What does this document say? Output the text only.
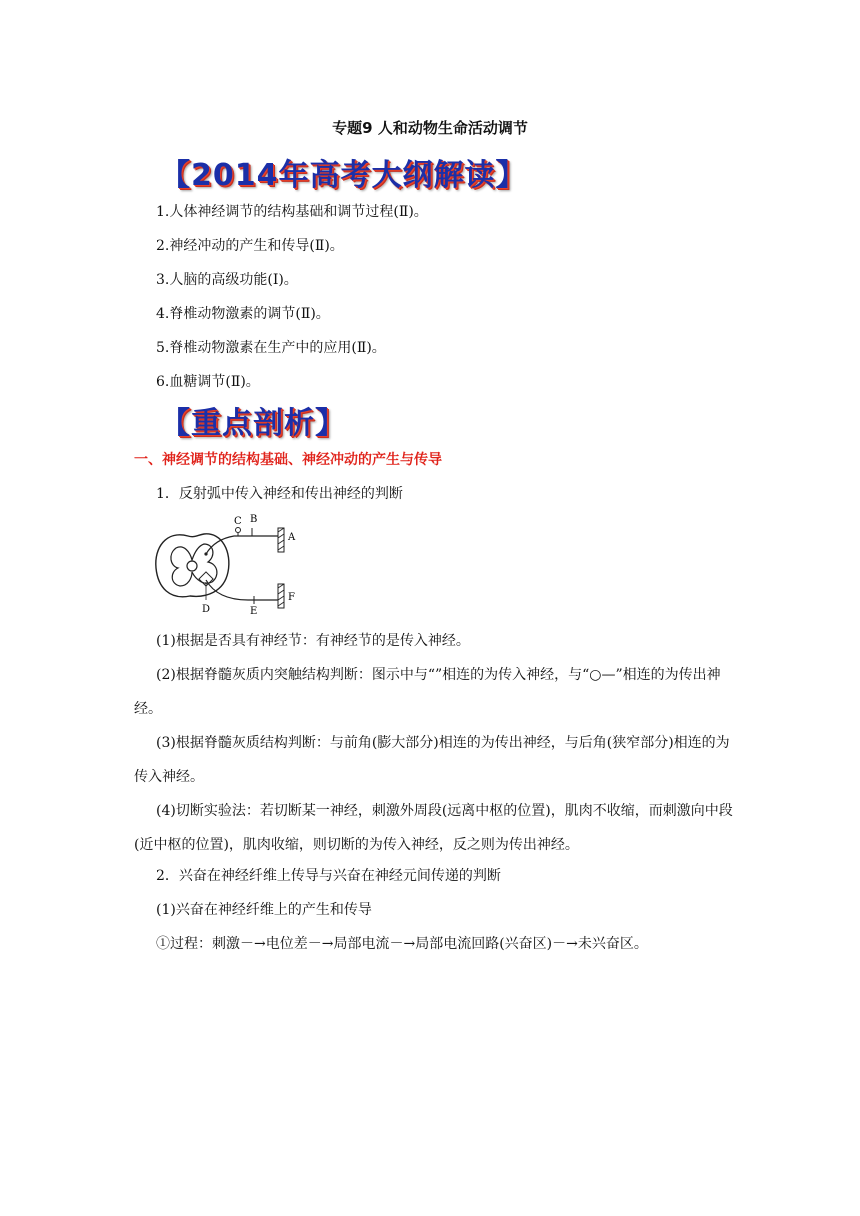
专题9 人和动物生命活动调节
【2014年高考大纲解读】
1.人体神经调节的结构基础和调节过程(Ⅱ)。
2.神经冲动的产生和传导(Ⅱ)。
3.人脑的高级功能(Ⅰ)。
4.脊椎动物激素的调节(Ⅱ)。
5.脊椎动物激素在生产中的应用(Ⅱ)。
6.血糖调节(Ⅱ)。
【重点剖析】
一、神经调节的结构基础、神经冲动的产生与传导
1．反射弧中传入神经和传出神经的判断
C B
A
D	E
F
(1)根据是否具有神经节：有神经节的是传入神经。
(2)根据脊髓灰质内突触结构判断：图示中与“”相连的为传入神经，与“○—”相连的为传出神经。
(3)根据脊髓灰质结构判断：与前角(膨大部分)相连的为传出神经，与后角(狭窄部分)相连的为传入神经。
(4)切断实验法：若切断某一神经，刺激外周段(远离中枢的位置)，肌肉不收缩，而刺激向中段(近中枢的位置)，肌肉收缩，则切断的为传入神经，反之则为传出神经。
2．兴奋在神经纤维上传导与兴奋在神经元间传递的判断
(1)兴奋在神经纤维上的产生和传导
①过程：刺激－→电位差－→局部电流－→局部电流回路(兴奋区)－→未兴奋区。
